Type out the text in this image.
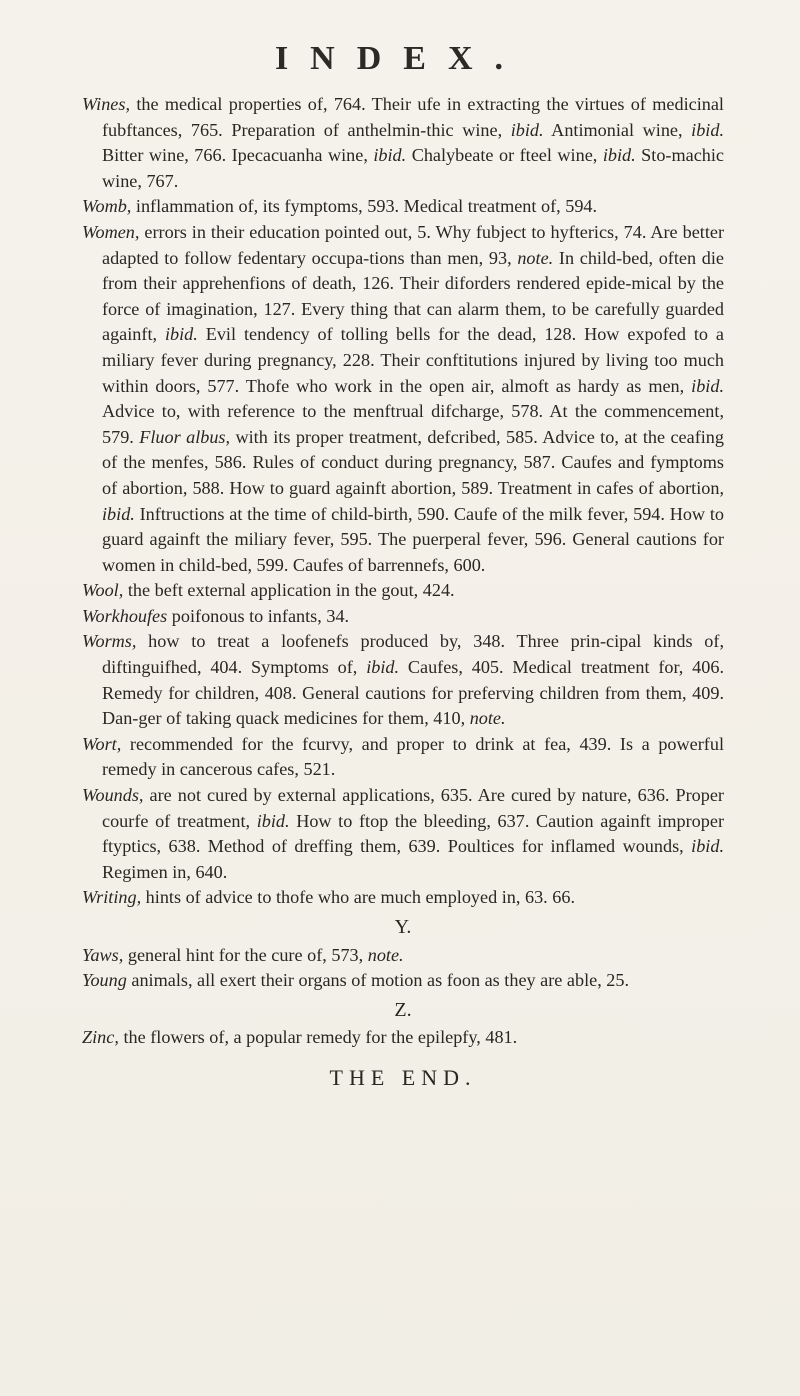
INDEX.

Wines, the medical properties of, 764. Their ufe in extracting the virtues of medicinal fubftances, 765. Preparation of anthelmin-thic wine, ibid. Antimonial wine, ibid. Bitter wine, 766. Ipecacuanha wine, ibid. Chalybeate or fteel wine, ibid. Sto-machic wine, 767.

Womb, inflammation of, its fymptoms, 593. Medical treatment of, 594.

Women, errors in their education pointed out, 5. Why fubject to hyfterics, 74. Are better adapted to follow fedentary occupa-tions than men, 93, note. In child-bed, often die from their apprehenfions of death, 126. Their diforders rendered epide-mical by the force of imagination, 127. Every thing that can alarm them, to be carefully guarded againft, ibid. Evil tendency of tolling bells for the dead, 128. How expofed to a miliary fever during pregnancy, 228. Their conftitutions injured by living too much within doors, 577. Thofe who work in the open air, almoft as hardy as men, ibid. Advice to, with reference to the menftrual difcharge, 578. At the commencement, 579. Fluor albus, with its proper treatment, defcribed, 585. Advice to, at the ceafing of the menfes, 586. Rules of conduct during pregnancy, 587. Caufes and fymptoms of abortion, 588. How to guard againft abortion, 589. Treatment in cafes of abortion, ibid. Inftructions at the time of child-birth, 590. Caufe of the milk fever, 594. How to guard againft the miliary fever, 595. The puerperal fever, 596. General cautions for women in child-bed, 599. Caufes of barrennefs, 600.

Wool, the beft external application in the gout, 424.

Workhoufes poifonous to infants, 34.

Worms, how to treat a loofenefs produced by, 348. Three prin-cipal kinds of, diftinguifhed, 404. Symptoms of, ibid. Caufes, 405. Medical treatment for, 406. Remedy for children, 408. General cautions for preferving children from them, 409. Dan-ger of taking quack medicines for them, 410, note.

Wort, recommended for the fcurvy, and proper to drink at fea, 439. Is a powerful remedy in cancerous cafes, 521.

Wounds, are not cured by external applications, 635. Are cured by nature, 636. Proper courfe of treatment, ibid. How to ftop the bleeding, 637. Caution againft improper ftyptics, 638. Method of dreffing them, 639. Poultices for inflamed wounds, ibid. Regimen in, 640.

Writing, hints of advice to thofe who are much employed in, 63. 66.

Y.

Yaws, general hint for the cure of, 573, note.

Young animals, all exert their organs of motion as foon as they are able, 25.

Z.

Zinc, the flowers of, a popular remedy for the epilepfy, 481.

THE END.
